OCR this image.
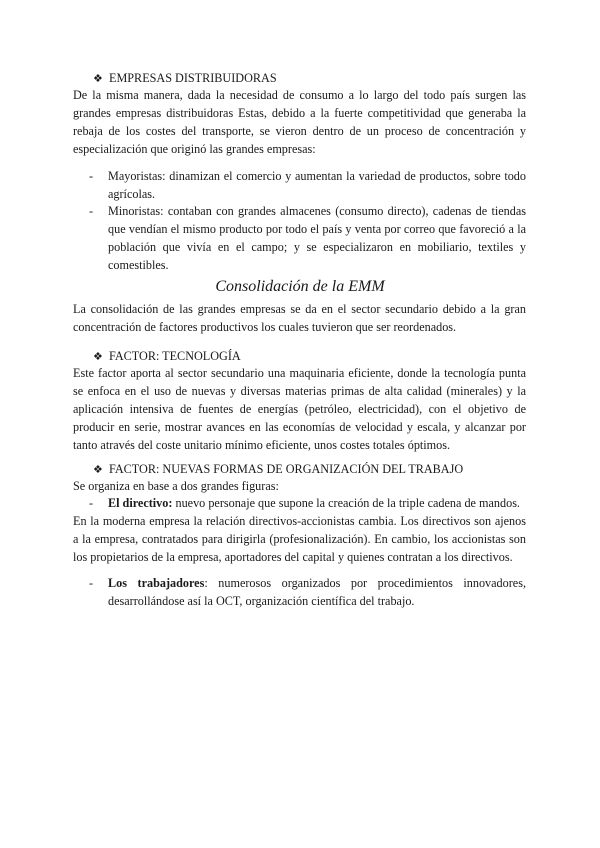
❖ EMPRESAS DISTRIBUIDORAS
De la misma manera, dada la necesidad de consumo a lo largo del todo país surgen las grandes empresas distribuidoras Estas, debido a la fuerte competitividad que generaba la rebaja de los costes del transporte, se vieron dentro de un proceso de concentración y especialización que originó las grandes empresas:
- Mayoristas: dinamizan el comercio y aumentan la variedad de productos, sobre todo agrícolas.
- Minoristas: contaban con grandes almacenes (consumo directo), cadenas de tiendas que vendían el mismo producto por todo el país y venta por correo que favoreció a la población que vivía en el campo; y se especializaron en mobiliario, textiles y comestibles.
Consolidación de la EMM
La consolidación de las grandes empresas se da en el sector secundario debido a la gran concentración de factores productivos los cuales tuvieron que ser reordenados.
❖ FACTOR: TECNOLOGÍA
Este factor aporta al sector secundario una maquinaria eficiente, donde la tecnología punta se enfoca en el uso de nuevas y diversas materias primas de alta calidad (minerales) y la aplicación intensiva de fuentes de energías (petróleo, electricidad), con el objetivo de producir en serie, mostrar avances en las economías de velocidad y escala, y alcanzar por tanto através del coste unitario mínimo eficiente, unos costes totales óptimos.
❖ FACTOR: NUEVAS FORMAS DE ORGANIZACIÓN DEL TRABAJO
Se organiza en base a dos grandes figuras:
- El directivo: nuevo personaje que supone la creación de la triple cadena de mandos.
En la moderna empresa la relación directivos-accionistas cambia. Los directivos son ajenos a la empresa, contratados para dirigirla (profesionalización). En cambio, los accionistas son los propietarios de la empresa, aportadores del capital y quienes contratan a los directivos.
- Los trabajadores: numerosos organizados por procedimientos innovadores, desarrollándose así la OCT, organización científica del trabajo.
